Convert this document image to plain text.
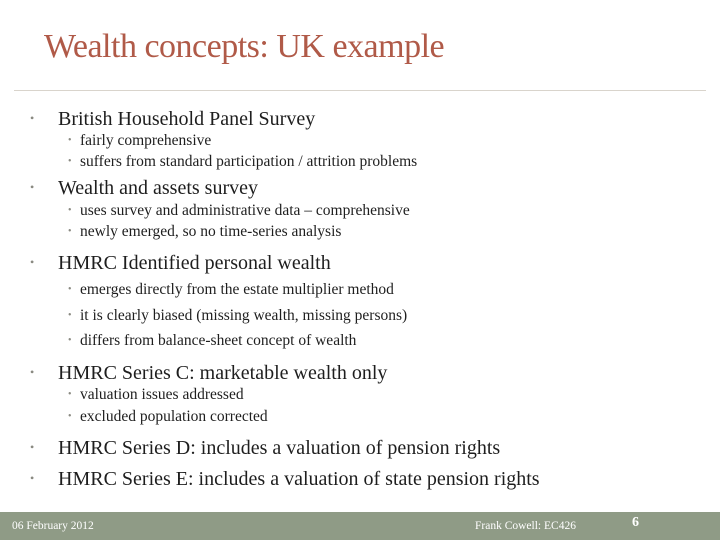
Wealth concepts: UK example
• British Household Panel Survey
• fairly comprehensive
• suffers from standard participation / attrition problems
• Wealth and assets survey
• uses survey and administrative data – comprehensive
• newly emerged, so no time-series analysis
• HMRC Identified personal wealth
• emerges directly from the estate multiplier method
• it is clearly biased (missing wealth, missing persons)
• differs from balance-sheet concept of wealth
• HMRC Series C: marketable wealth only
• valuation issues addressed
• excluded population corrected
• HMRC Series D: includes a valuation of pension rights
• HMRC Series E: includes a valuation of state pension rights
06 February 2012	Frank Cowell: EC426	6
